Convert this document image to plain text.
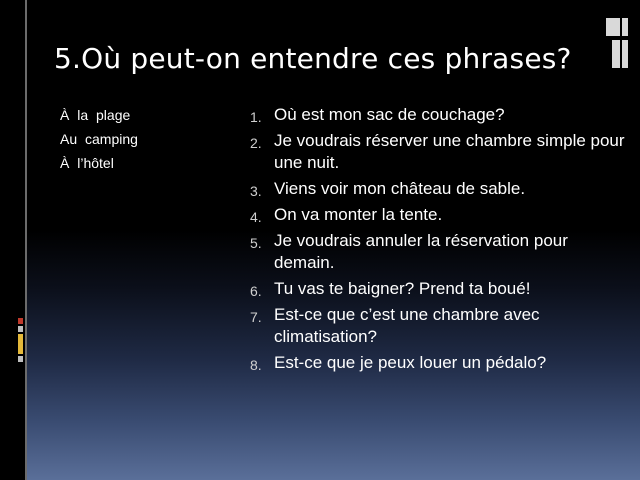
5.Où peut-on entendre ces phrases?
À la plage
Au camping
À l’hôtel
1. Où est mon sac de couchage?
2. Je voudrais réserver une chambre simple pour une nuit.
3. Viens voir mon château de sable.
4. On va monter la tente.
5. Je voudrais annuler la réservation pour demain.
6. Tu vas te baigner? Prend ta boué!
7. Est-ce que c’est une chambre avec climatisation?
8. Est-ce que je peux louer un pédalo?
